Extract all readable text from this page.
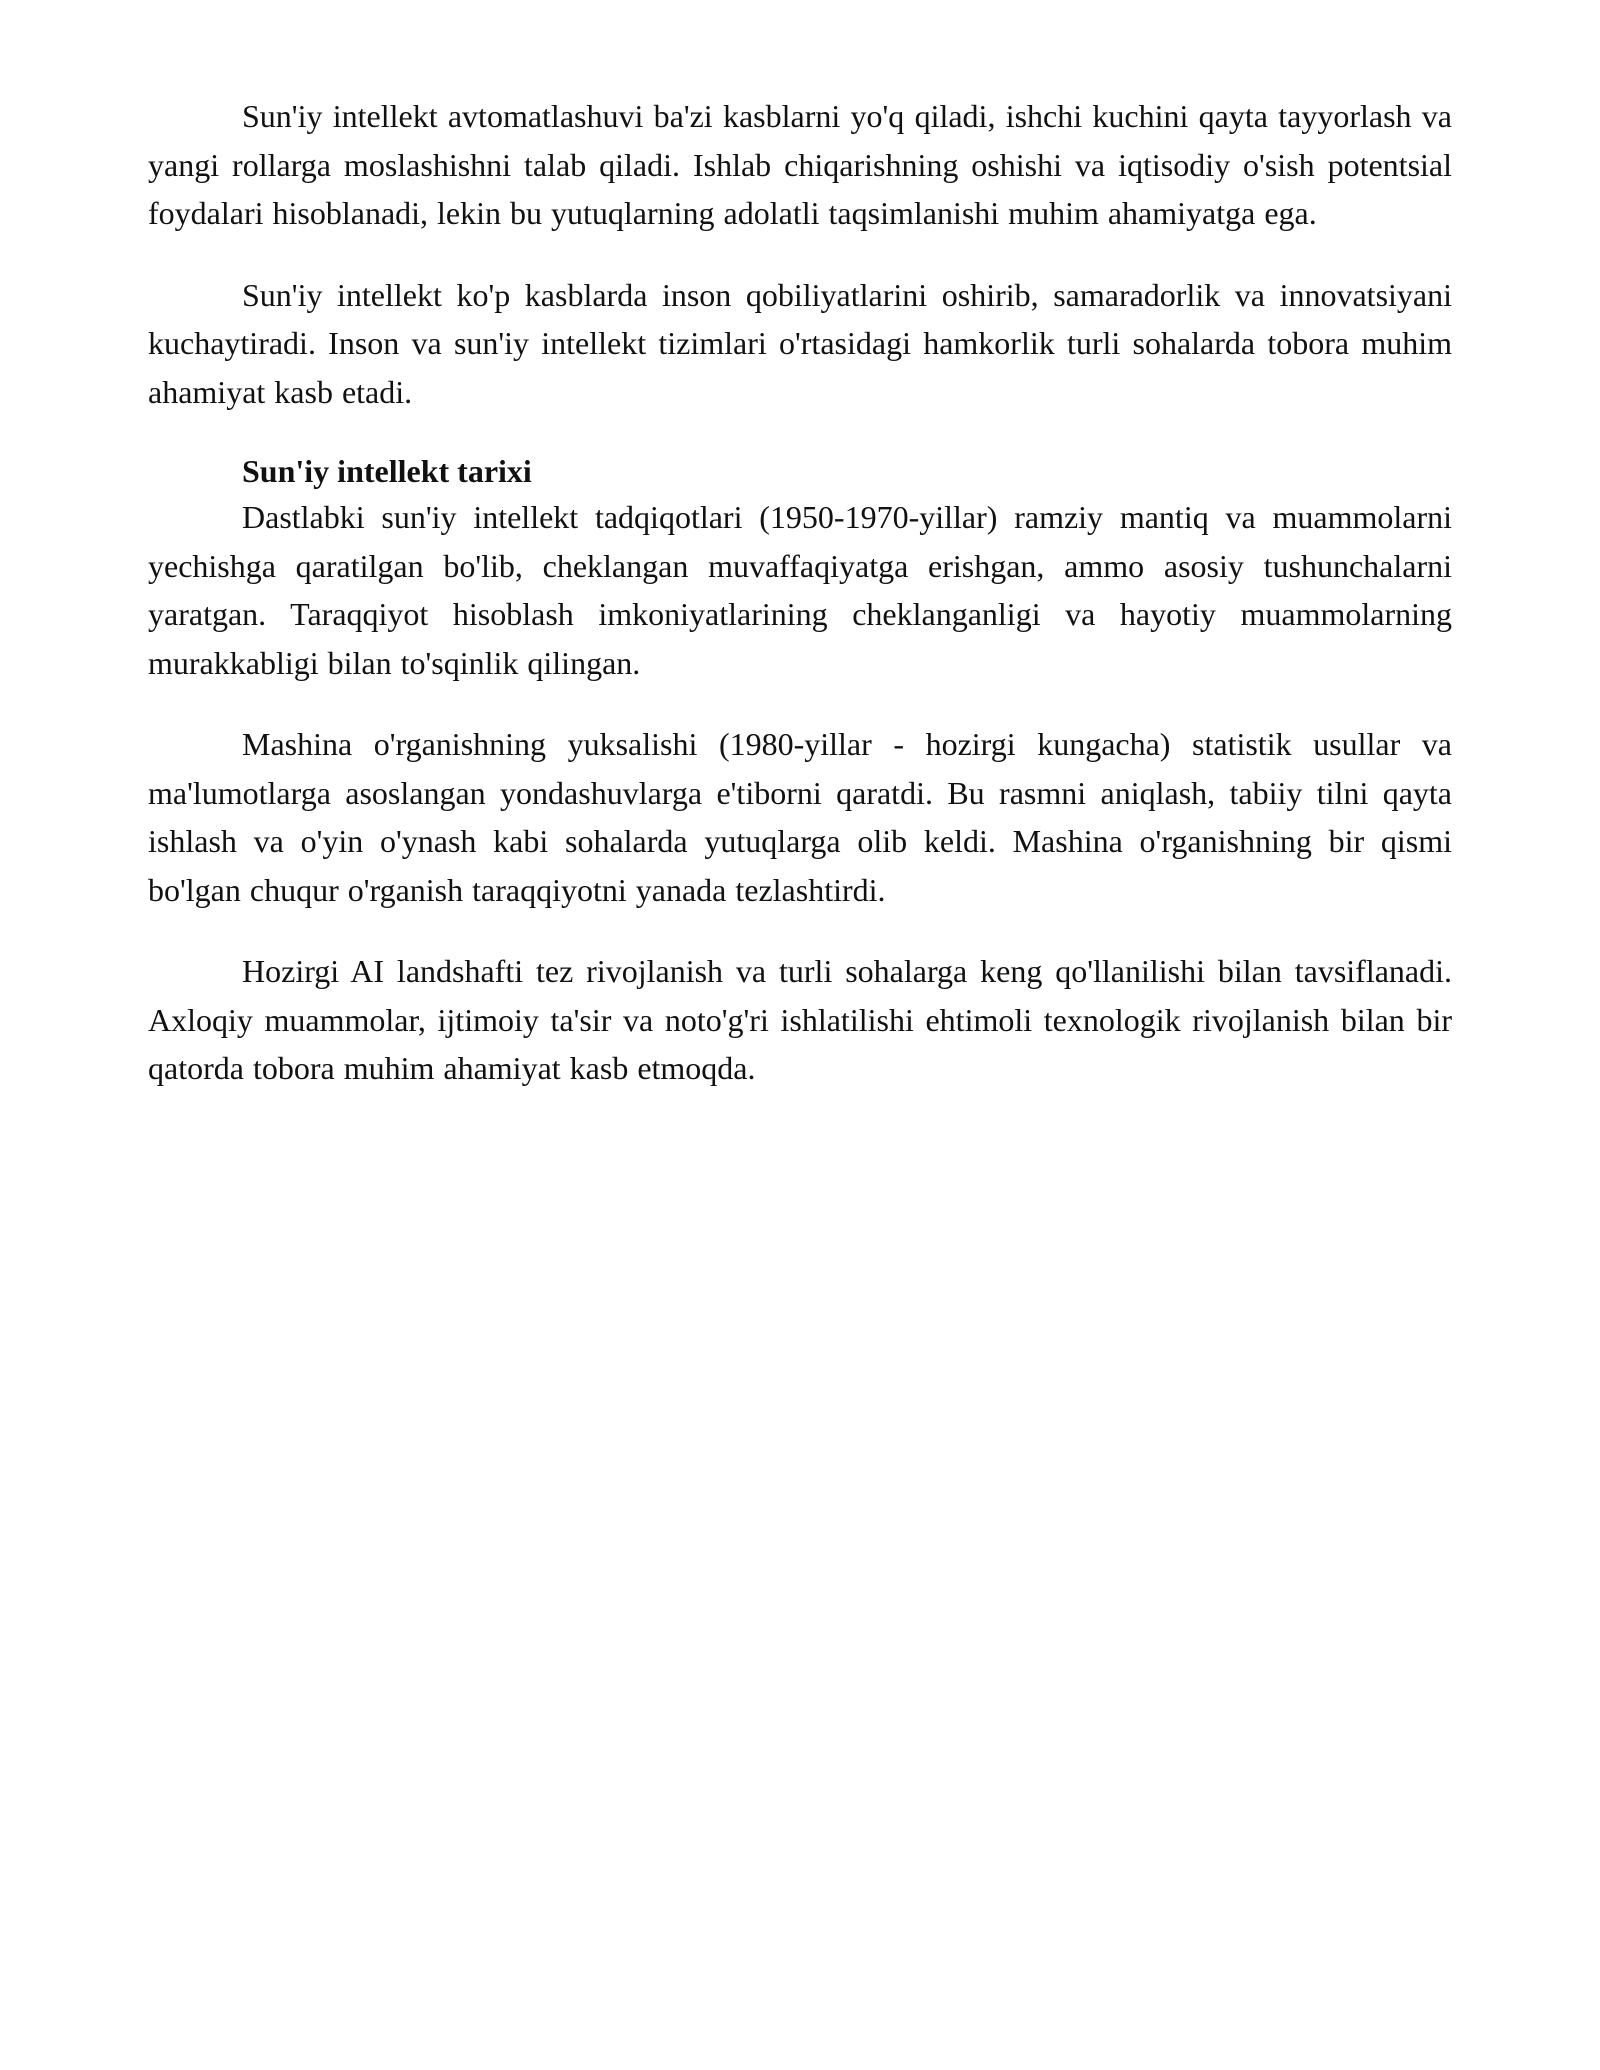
Sun'iy intellekt avtomatlashuvi ba'zi kasblarni yo'q qiladi, ishchi kuchini qayta tayyorlash va yangi rollarga moslashishni talab qiladi. Ishlab chiqarishning oshishi va iqtisodiy o'sish potentsial foydalari hisoblanadi, lekin bu yutuqlarning adolatli taqsimlanishi muhim ahamiyatga ega.

Sun'iy intellekt ko'p kasblarda inson qobiliyatlarini oshirib, samaradorlik va innovatsiyani kuchaytiradi. Inson va sun'iy intellekt tizimlari o'rtasidagi hamkorlik turli sohalarda tobora muhim ahamiyat kasb etadi.

Sun'iy intellekt tarixi

Dastlabki sun'iy intellekt tadqiqotlari (1950-1970-yillar) ramziy mantiq va muammolarni yechishga qaratilgan bo'lib, cheklangan muvaffaqiyatga erishgan, ammo asosiy tushunchalarni yaratgan. Taraqqiyot hisoblash imkoniyatlarining cheklanganligi va hayotiy muammolarning murakkabligi bilan to'sqinlik qilingan.

Mashina o'rganishning yuksalishi (1980-yillar - hozirgi kungacha) statistik usullar va ma'lumotlarga asoslangan yondashuvlarga e'tiborni qaratdi. Bu rasmni aniqlash, tabiiy tilni qayta ishlash va o'yin o'ynash kabi sohalarda yutuqlarga olib keldi. Mashina o'rganishning bir qismi bo'lgan chuqur o'rganish taraqqiyotni yanada tezlashtirdi.

Hozirgi AI landshafti tez rivojlanish va turli sohalarga keng qo'llanilishi bilan tavsiflanadi. Axloqiy muammolar, ijtimoiy ta'sir va noto'g'ri ishlatilishi ehtimoli texnologik rivojlanish bilan bir qatorda tobora muhim ahamiyat kasb etmoqda.
